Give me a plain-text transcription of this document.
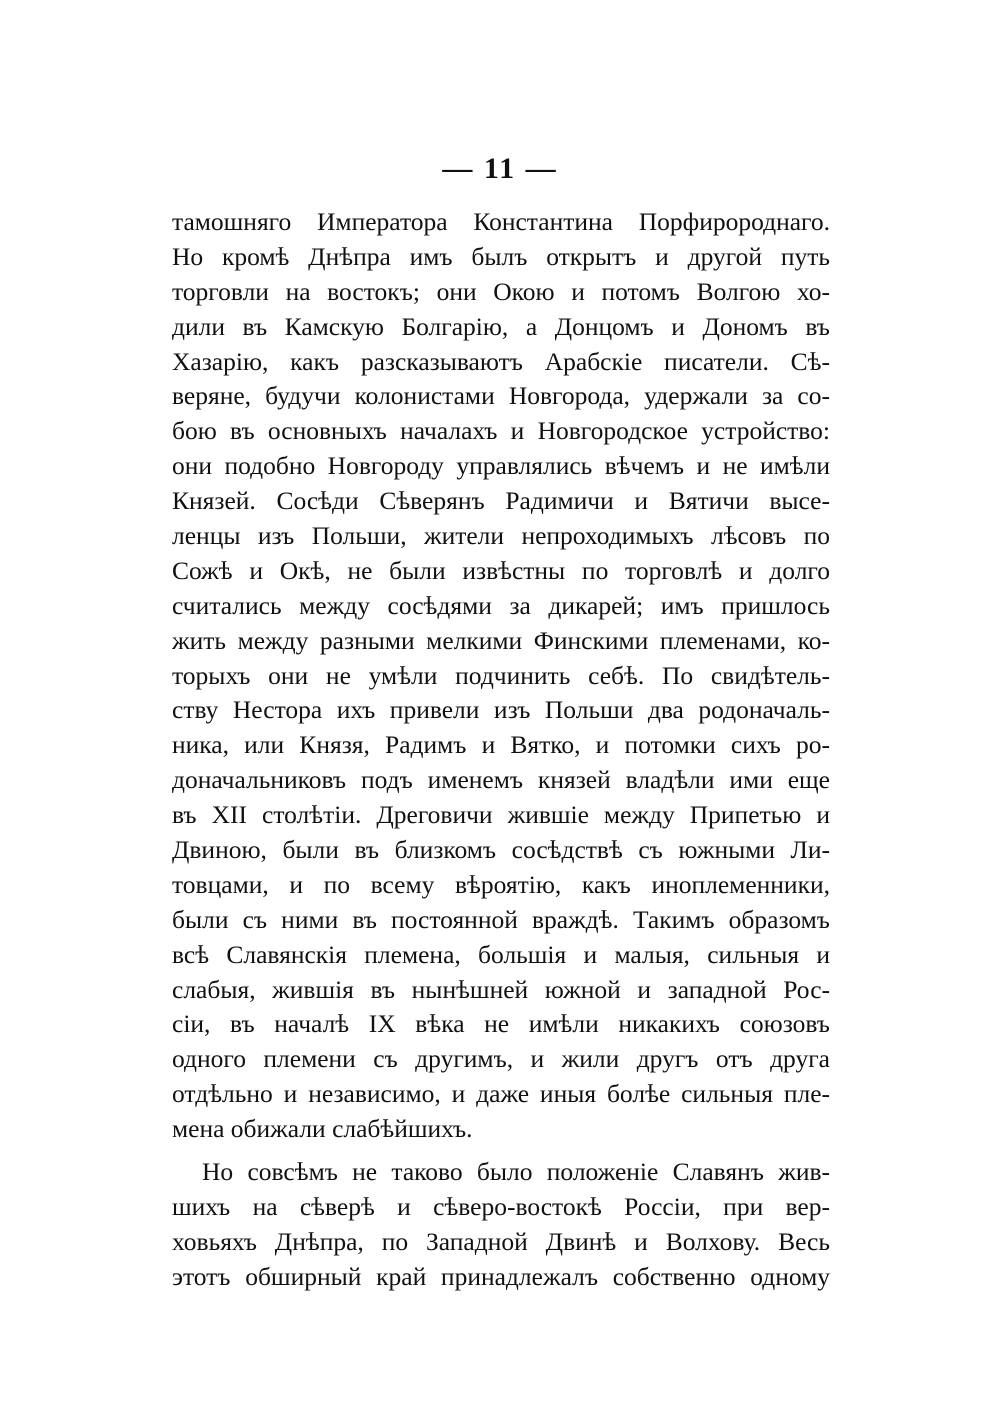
— 11 —
тамошняго Императора Константина Порфиророднаго.
Но кромѣ Днѣпра имъ былъ открытъ и другой путь
торговли на востокъ; они Окою и потомъ Волгою хо-
дили въ Камскую Болгарію, а Донцомъ и Дономъ въ
Хазарію, какъ разсказываютъ Арабскіе писатели. Сѣ-
веряне, будучи колонистами Новгорода, удержали за со-
бою въ основныхъ началахъ и Новгородское устройство:
они подобно Новгороду управлялись вѣчемъ и не имѣли
Князей. Сосѣди Сѣверянъ Радимичи и Вятичи высе-
ленцы изъ Польши, жители непроходимыхъ лѣсовъ по
Сожѣ и Окѣ, не были извѣстны по торговлѣ и долго
считались между сосѣдями за дикарей; имъ пришлось
жить между разными мелкими Финскими племенами, ко-
торыхъ они не умѣли подчинить себѣ. По свидѣтель-
ству Нестора ихъ привели изъ Польши два родоначаль-
ника, или Князя, Радимъ и Вятко, и потомки сихъ ро-
доначальниковъ подъ именемъ князей владѣли ими еще
въ XII столѣтіи. Дреговичи жившіе между Припетью и
Двиною, были въ близкомъ сосѣдствѣ съ южными Ли-
товцами, и по всему вѣроятію, какъ иноплеменники,
были съ ними въ постоянной враждѣ. Такимъ образомъ
всѣ Славянскія племена, большія и малыя, сильныя и
слабыя, жившія въ нынѣшней южной и западной Рос-
сіи, въ началѣ IX вѣка не имѣли никакихъ союзовъ
одного племени съ другимъ, и жили другъ отъ друга
отдѣльно и независимо, и даже иныя болѣе сильныя пле-
мена обижали слабѣйшихъ.
Но совсѣмъ не таково было положеніе Славянъ жив-
шихъ на сѣверѣ и сѣверо-востокѣ Россіи, при вер-
ховьяхъ Днѣпра, по Западной Двинѣ и Волхову. Весь
этотъ обширный край принадлежалъ собственно одному
